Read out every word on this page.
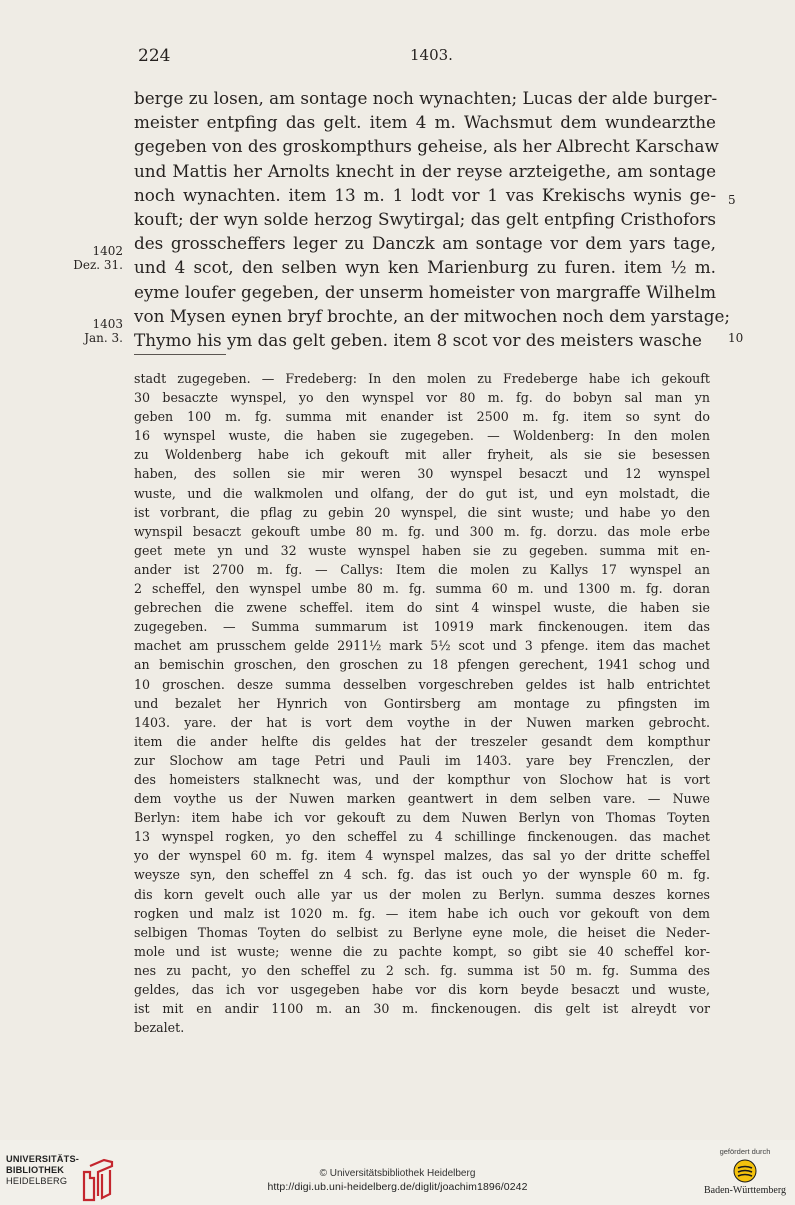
224	1403.
berge zu losen, am sontage noch wynachten; Lucas der alde burger-
meister entpfing das gelt. item 4 m. Wachsmut dem wundearzthe
gegeben von des groskompthurs geheise, als her Albrecht Karschaw
und Mattis her Arnolts knecht in der reyse arzteigethe, am sontage
noch wynachten. item 13 m. 1 lodt vor 1 vas Krekischs wynis ge-
kouft; der wyn solde herzog Swytirgal; das gelt entpfing Cristhofors
des grosscheffers leger zu Danczk am sontage vor dem yars tage,
und 4 scot, den selben wyn ken Marienburg zu furen. item ½ m.
eyme loufer gegeben, der unserm homeister von margraffe Wilhelm
von Mysen eynen bryf brochte, an der mitwochen noch dem yarstage;
Thymo his ym das gelt geben. item 8 scot vor des meisters wasche
1402
Dez. 31.
1403
Jan. 3.
5
10
stadt zugegeben. — Fredeberg: In den molen zu Fredeberge habe ich gekouft
30 besaczte wynspel, yo den wynspel vor 80 m. fg. do bobyn sal man yn
geben 100 m. fg. summa mit enander ist 2500 m. fg. item so synt do
16 wynspel wuste, die haben sie zugegeben. — Woldenberg: In den molen
zu Woldenberg habe ich gekouft mit aller fryheit, als sie sie besessen
haben, des sollen sie mir weren 30 wynspel besaczt und 12 wynspel
wuste, und die walkmolen und olfang, der do gut ist, und eyn molstadt, die
ist vorbrant, die pflag zu gebin 20 wynspel, die sint wuste; und habe yo den
wynspil besaczt gekouft umbe 80 m. fg. und 300 m. fg. dorzu. das mole erbe
geet mete yn und 32 wuste wynspel haben sie zu gegeben. summa mit en-
ander ist 2700 m. fg. — Callys: Item die molen zu Kallys 17 wynspel an
2 scheffel, den wynspel umbe 80 m. fg. summa 60 m. und 1300 m. fg. doran
gebrechen die zwene scheffel. item do sint 4 winspel wuste, die haben sie
zugegeben. — Summa summarum ist 10919 mark finckenougen. item das
machet am prusschem gelde 2911½ mark 5½ scot und 3 pfenge. item das machet
an bemischin groschen, den groschen zu 18 pfengen gerechent, 1941 schog und
10 groschen. desze summa desselben vorgeschreben geldes ist halb entrichtet
und bezalet her Hynrich von Gontirsberg am montage zu pfingsten im
1403. yare. der hat is vort dem voythe in der Nuwen marken gebrocht.
item die ander helfte dis geldes hat der treszeler gesandt dem kompthur
zur Slochow am tage Petri und Pauli im 1403. yare bey Frenczlen, der
des homeisters stalknecht was, und der kompthur von Slochow hat is vort
dem voythe us der Nuwen marken geantwert in dem selben vare. — Nuwe
Berlyn: item habe ich vor gekouft zu dem Nuwen Berlyn von Thomas Toyten
13 wynspel rogken, yo den scheffel zu 4 schillinge finckenougen. das machet
yo der wynspel 60 m. fg. item 4 wynspel malzes, das sal yo der dritte scheffel
weysze syn, den scheffel zn 4 sch. fg. das ist ouch yo der wynsple 60 m. fg.
dis korn gevelt ouch alle yar us der molen zu Berlyn. summa deszes kornes
rogken und malz ist 1020 m. fg. — item habe ich ouch vor gekouft von dem
selbigen Thomas Toyten do selbist zu Berlyne eyne mole, die heiset die Neder-
mole und ist wuste; wenne die zu pachte kompt, so gibt sie 40 scheffel kor-
nes zu pacht, yo den scheffel zu 2 sch. fg. summa ist 50 m. fg. Summa des
geldes, das ich vor usgegeben habe vor dis korn beyde besaczt und wuste,
ist mit en andir 1100 m. an 30 m. finckenougen. dis gelt ist alreydt vor
bezalet.
UNIVERSITÄTS-
BIBLIOTHEK
HEIDELBERG
© Universitätsbibliothek Heidelberg
http://digi.ub.uni-heidelberg.de/diglit/joachim1896/0242
gefördert durch
Baden-Württemberg
